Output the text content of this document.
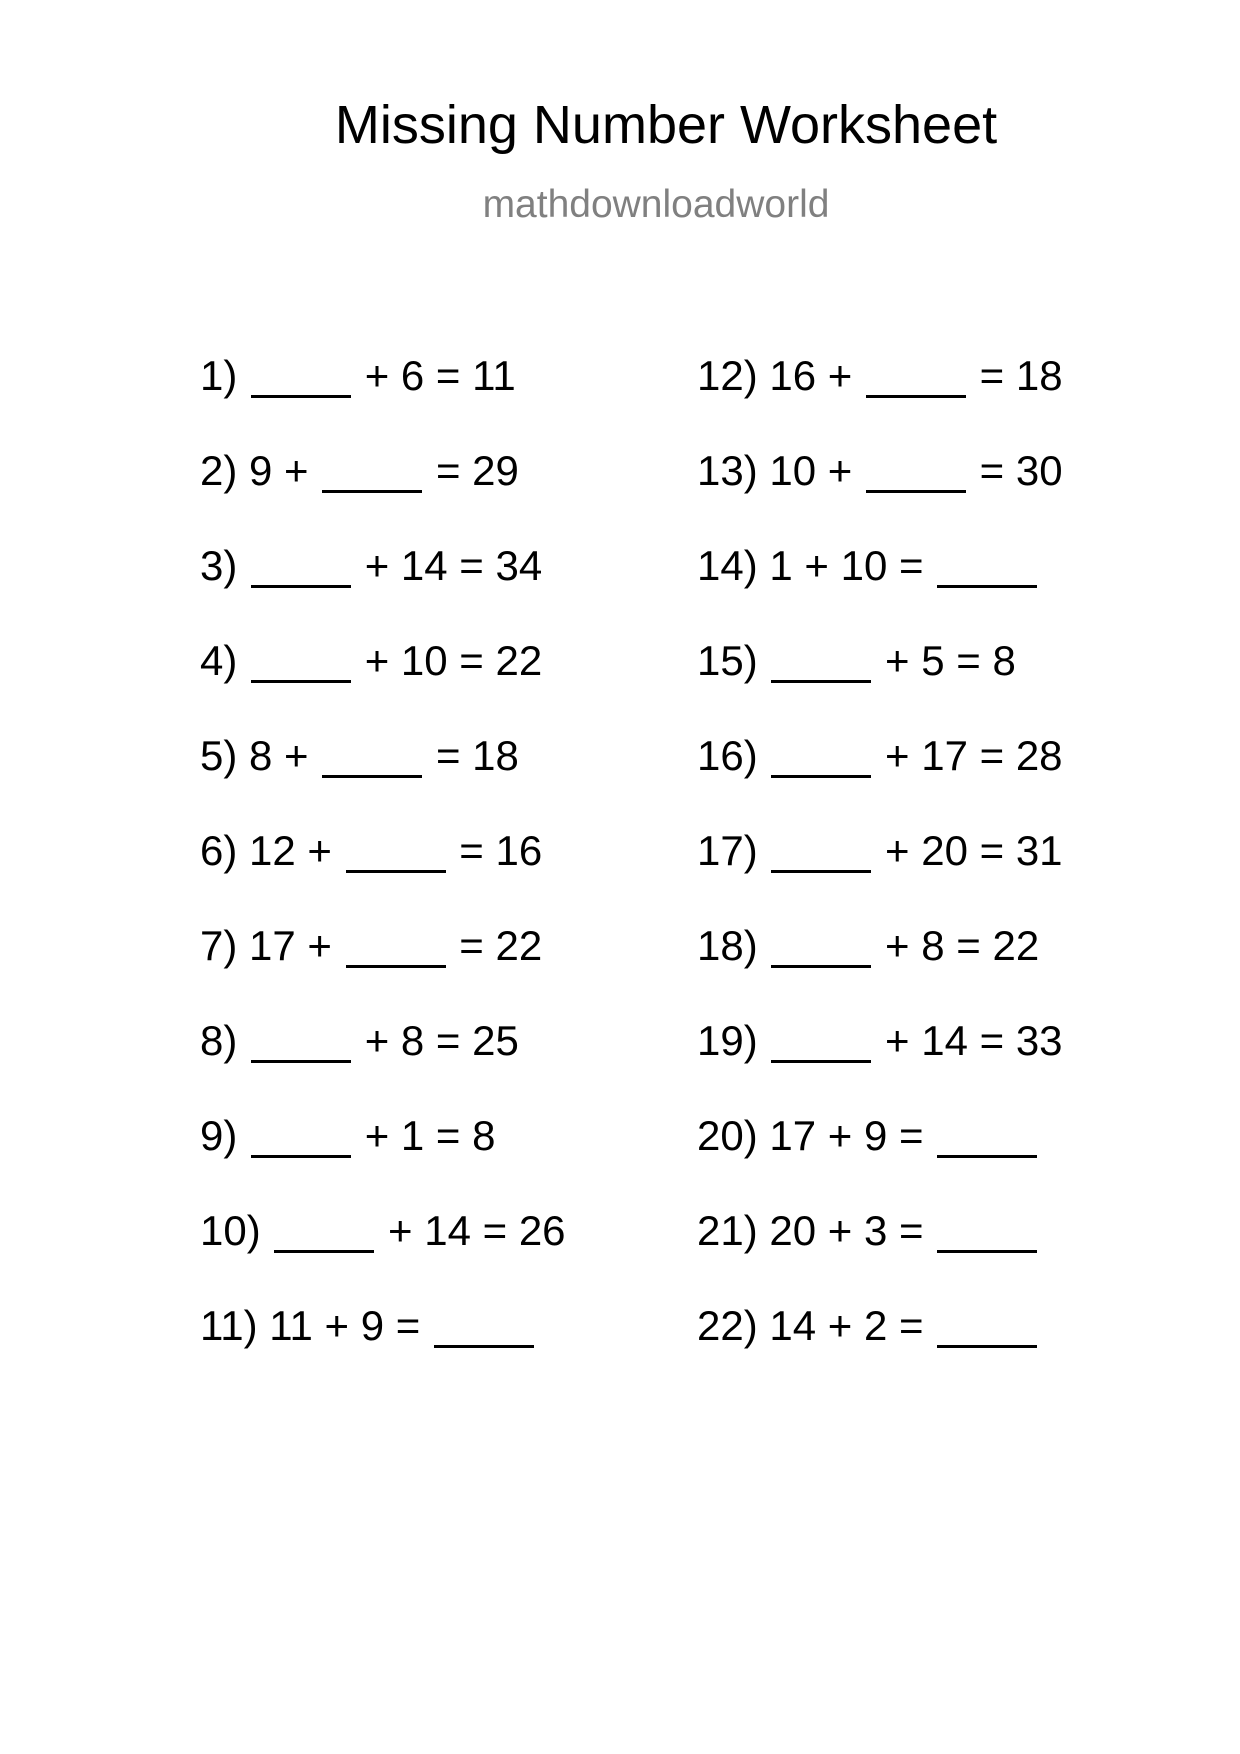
Missing Number Worksheet
mathdownloadworld
1)	+ 6 = 11
2) 9 +	= 29
3)	+ 14 = 34
4)	+ 10 = 22
5) 8 +	= 18
6) 12 +	= 16
7) 17 +	= 22
8)	+ 8 = 25
9)	+ 1 = 8
10)	+ 14 = 26
11) 11 + 9 =
12) 16 +	= 18
13) 10 +	= 30
14) 1 + 10 =
15)	+ 5 = 8
16)	+ 17 = 28
17)	+ 20 = 31
18)	+ 8 = 22
19)	+ 14 = 33
20) 17 + 9 =
21) 20 + 3 =
22) 14 + 2 =
